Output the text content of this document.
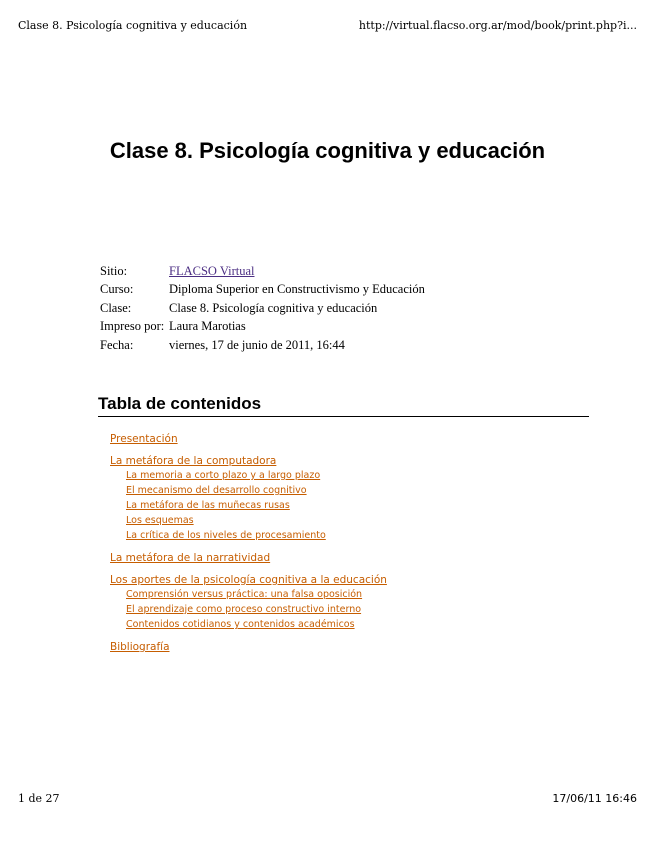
Clase 8. Psicología cognitiva y educación	http://virtual.flacso.org.ar/mod/book/print.php?i...
Clase 8. Psicología cognitiva y educación
Sitio:	FLACSO Virtual
Curso:	Diploma Superior en Constructivismo y Educación
Clase:	Clase 8. Psicología cognitiva y educación
Impreso por: Laura Marotias
Fecha:	viernes, 17 de junio de 2011, 16:44
Tabla de contenidos
Presentación
La metáfora de la computadora
La memoria a corto plazo y a largo plazo
El mecanismo del desarrollo cognitivo
La metáfora de las muñecas rusas
Los esquemas
La crítica de los niveles de procesamiento
La metáfora de la narratividad
Los aportes de la psicología cognitiva a la educación
Comprensión versus práctica: una falsa oposición
El aprendizaje como proceso constructivo interno
Contenidos cotidianos y contenidos académicos
Bibliografía
1 de 27	17/06/11 16:46
